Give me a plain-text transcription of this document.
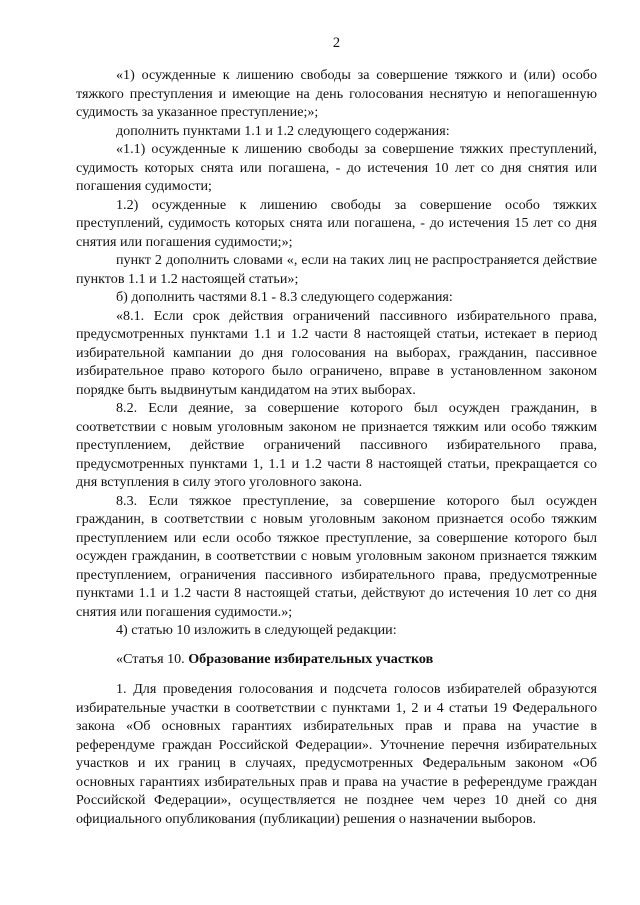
2

«1) осужденные к лишению свободы за совершение тяжкого и (или) особо тяжкого преступления и имеющие на день голосования неснятую и непогашенную судимость за указанное преступление;»;

дополнить пунктами 1.1 и 1.2 следующего содержания:

«1.1) осужденные к лишению свободы за совершение тяжких преступлений, судимость которых снята или погашена, - до истечения 10 лет со дня снятия или погашения судимости;

1.2) осужденные к лишению свободы за совершение особо тяжких преступлений, судимость которых снята или погашена, - до истечения 15 лет со дня снятия или погашения судимости;»;

пункт 2 дополнить словами «, если на таких лиц не распространяется действие пунктов 1.1 и 1.2 настоящей статьи»;

б) дополнить частями 8.1 - 8.3 следующего содержания:

«8.1. Если срок действия ограничений пассивного избирательного права, предусмотренных пунктами 1.1 и 1.2 части 8 настоящей статьи, истекает в период избирательной кампании до дня голосования на выборах, гражданин, пассивное избирательное право которого было ограничено, вправе в установленном законом порядке быть выдвинутым кандидатом на этих выборах.

8.2. Если деяние, за совершение которого был осужден гражданин, в соответствии с новым уголовным законом не признается тяжким или особо тяжким преступлением, действие ограничений пассивного избирательного права, предусмотренных пунктами 1, 1.1 и 1.2 части 8 настоящей статьи, прекращается со дня вступления в силу этого уголовного закона.

8.3. Если тяжкое преступление, за совершение которого был осужден гражданин, в соответствии с новым уголовным законом признается особо тяжким преступлением или если особо тяжкое преступление, за совершение которого был осужден гражданин, в соответствии с новым уголовным законом признается тяжким преступлением, ограничения пассивного избирательного права, предусмотренные пунктами 1.1 и 1.2 части 8 настоящей статьи, действуют до истечения 10 лет со дня снятия или погашения судимости.»;

4) статью 10 изложить в следующей редакции:

«Статья 10. Образование избирательных участков

1. Для проведения голосования и подсчета голосов избирателей образуются избирательные участки в соответствии с пунктами 1, 2 и 4 статьи 19 Федерального закона «Об основных гарантиях избирательных прав и права на участие в референдуме граждан Российской Федерации». Уточнение перечня избирательных участков и их границ в случаях, предусмотренных Федеральным законом «Об основных гарантиях избирательных прав и права на участие в референдуме граждан Российской Федерации», осуществляется не позднее чем через 10 дней со дня официального опубликования (публикации) решения о назначении выборов.
